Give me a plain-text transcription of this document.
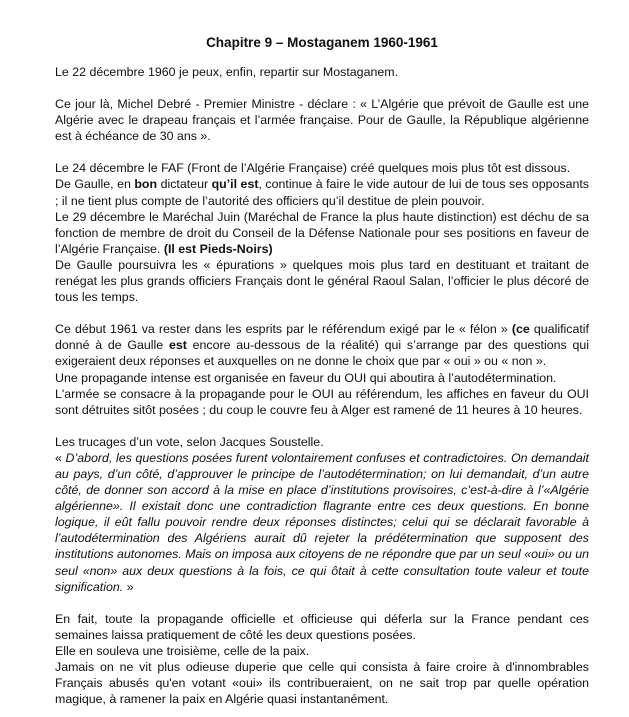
Chapitre 9 – Mostaganem 1960-1961

Le 22 décembre 1960 je peux, enfin, repartir sur Mostaganem.

Ce jour là, Michel Debré - Premier Ministre - déclare : « L’Algérie que prévoit de Gaulle est une Algérie avec le drapeau français et l’armée française. Pour de Gaulle, la République algérienne est à échéance de 30 ans ».

Le 24 décembre le FAF (Front de l’Algérie Française) créé quelques mois plus tôt est dissous.

De Gaulle, en bon dictateur qu’il est, continue à faire le vide autour de lui de tous ses opposants ; il ne tient plus compte de l’autorité des officiers qu’il destitue de plein pouvoir.

Le 29 décembre le Maréchal Juin (Maréchal de France la plus haute distinction) est déchu de sa fonction de membre de droit du Conseil de la Défense Nationale pour ses positions en faveur de l’Algérie Française. (Il est Pieds-Noirs)

De Gaulle poursuivra les « épurations » quelques mois plus tard en destituant et traitant de renégat les plus grands officiers Français dont le général Raoul Salan, l’officier le plus décoré de tous les temps.

Ce début 1961 va rester dans les esprits par le référendum exigé par le « félon » (ce qualificatif donné à de Gaulle est encore au-dessous de la réalité) qui s’arrange par des questions qui exigeraient deux réponses et auxquelles on ne donne le choix que par « oui » ou « non ».

Une propagande intense est organisée en faveur du OUI qui aboutira à l’autodétermination.

L'armée se consacre à la propagande pour le OUI au référendum, les affiches en faveur du OUI sont détruites sitôt posées ; du coup le couvre feu à Alger est ramené de 11 heures à 10 heures.

Les trucages d’un vote, selon Jacques Soustelle.

« D’abord, les questions posées furent volontairement confuses et contradictoires. On demandait au pays, d’un côté, d’approuver le principe de l’autodétermination; on lui demandait, d’un autre côté, de donner son accord à la mise en place d’institutions provisoires, c’est-à-dire à l’«Algérie algérienne». Il existait donc une contradiction flagrante entre ces deux questions. En bonne logique, il eût fallu pouvoir rendre deux réponses distinctes; celui qui se déclarait favorable à l’autodétermination des Algériens aurait dû rejeter la prédétermination que supposent des institutions autonomes. Mais on imposa aux citoyens de ne répondre que par un seul «oui» ou un seul «non» aux deux questions à la fois, ce qui ôtait à cette consultation toute valeur et toute signification. »

En fait, toute la propagande officielle et officieuse qui déferla sur la France pendant ces semaines laissa pratiquement de côté les deux questions posées.

Elle en souleva une troisième, celle de la paix.

Jamais on ne vit plus odieuse duperie que celle qui consista à faire croire à d'innombrables Français abusés qu'en votant «oui» ils contribueraient, on ne sait trop par quelle opération magique, à ramener la paix en Algérie quasi instantanément.
